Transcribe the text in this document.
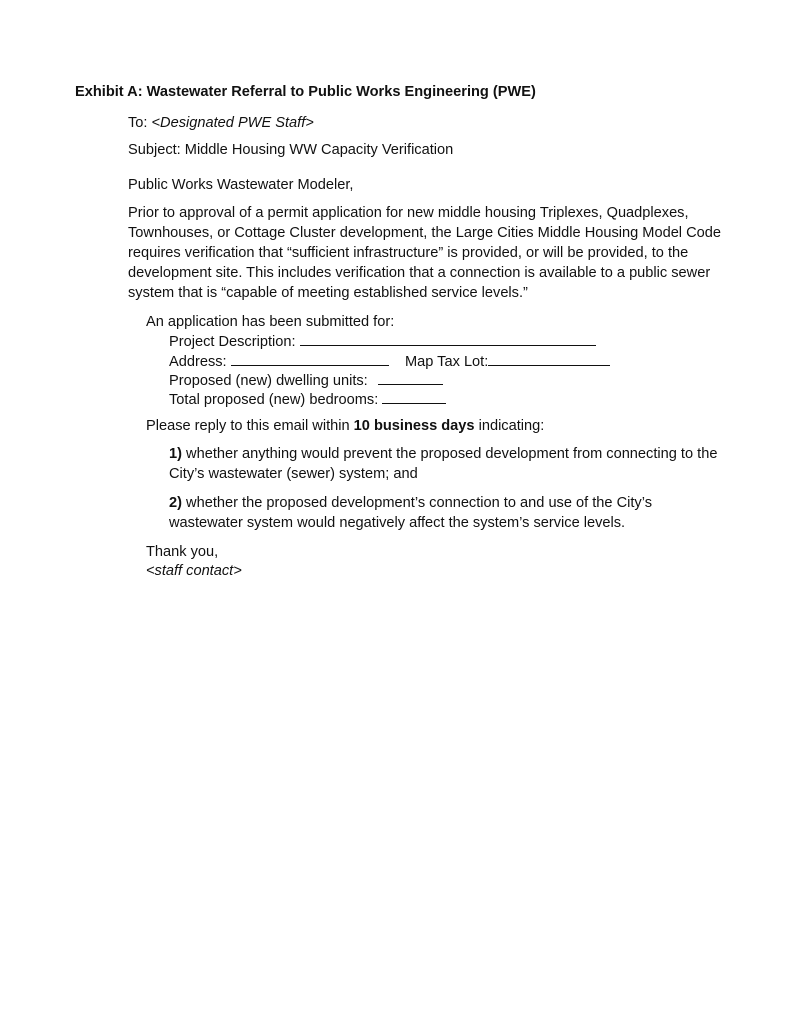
Exhibit A: Wastewater Referral to Public Works Engineering (PWE)
To: <Designated PWE Staff>
Subject: Middle Housing WW Capacity Verification
Public Works Wastewater Modeler,

Prior to approval of a permit application for new middle housing Triplexes, Quadplexes, Townhouses, or Cottage Cluster development, the Large Cities Middle Housing Model Code requires verification that “sufficient infrastructure” is provided, or will be provided, to the development site. This includes verification that a connection is available to a public sewer system that is “capable of meeting established service levels.”

An application has been submitted for:
Project Description:
Address:	Map Tax Lot:
Proposed (new) dwelling units:
Total proposed (new) bedrooms:
Please reply to this email within 10 business days indicating:
1) whether anything would prevent the proposed development from connecting to the City’s wastewater (sewer) system; and
2) whether the proposed development’s connection to and use of the City’s wastewater system would negatively affect the system’s service levels.
Thank you,
<staff contact>
